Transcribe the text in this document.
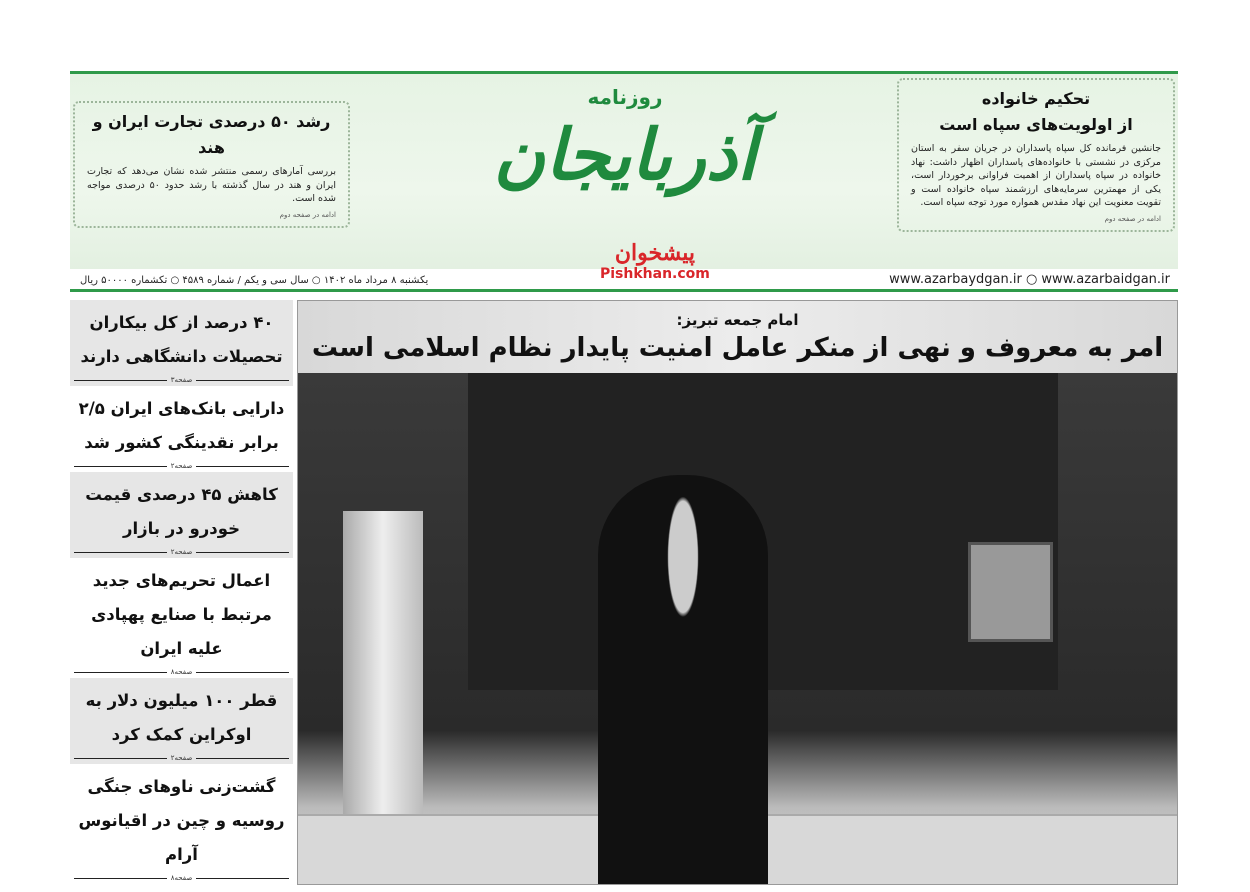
رشد ۵۰ درصدی تجارت ایران و هند

بررسی آمارهای رسمی منتشر شده نشان می‌دهد که تجارت ایران و هند در سال گذشته با رشد حدود ۵۰ درصدی مواجه شده است.

ادامه در صفحه دوم
روزنامه
آذربایجان
تحکیم خانواده
از اولویت‌های سپاه است

جانشین فرمانده کل سپاه پاسداران در جریان سفر به استان مرکزی در نشستی با خانواده‌های پاسداران اظهار داشت: نهاد خانواده در سپاه پاسداران از اهمیت فراوانی برخوردار است، یکی از مهمترین سرمایه‌های ارزشمند سپاه خانواده است و تقویت معنویت این نهاد مقدس همواره مورد توجه سپاه است.

ادامه در صفحه دوم
یکشنبه ۸ مرداد ماه ۱۴۰۲ ○ سال سی و یکم / شماره ۴۵۸۹ ○ تکشماره ۵۰۰۰۰ ریال	www.azarbaydgan.ir ○ www.azarbaidgan.ir
پیشخوان
Pishkhan.com
۴۰ درصد از کل بیکاران تحصیلات دانشگاهی دارند
صفحه۳
دارایی بانک‌های ایران ۲/۵ برابر نقدینگی کشور شد
صفحه۲
کاهش ۴۵ درصدی قیمت خودرو در بازار
صفحه۲
اعمال تحریم‌های جدید مرتبط با صنایع پهپادی علیه ایران
صفحه۸
قطر ۱۰۰ میلیون دلار به اوکراین کمک کرد
صفحه۲
گشت‌زنی ناوهای جنگی روسیه و چین در اقیانوس آرام
صفحه۸
امام جمعه تبریز:
امر به معروف و نهی از منکر عامل امنیت پایدار نظام اسلامی است
